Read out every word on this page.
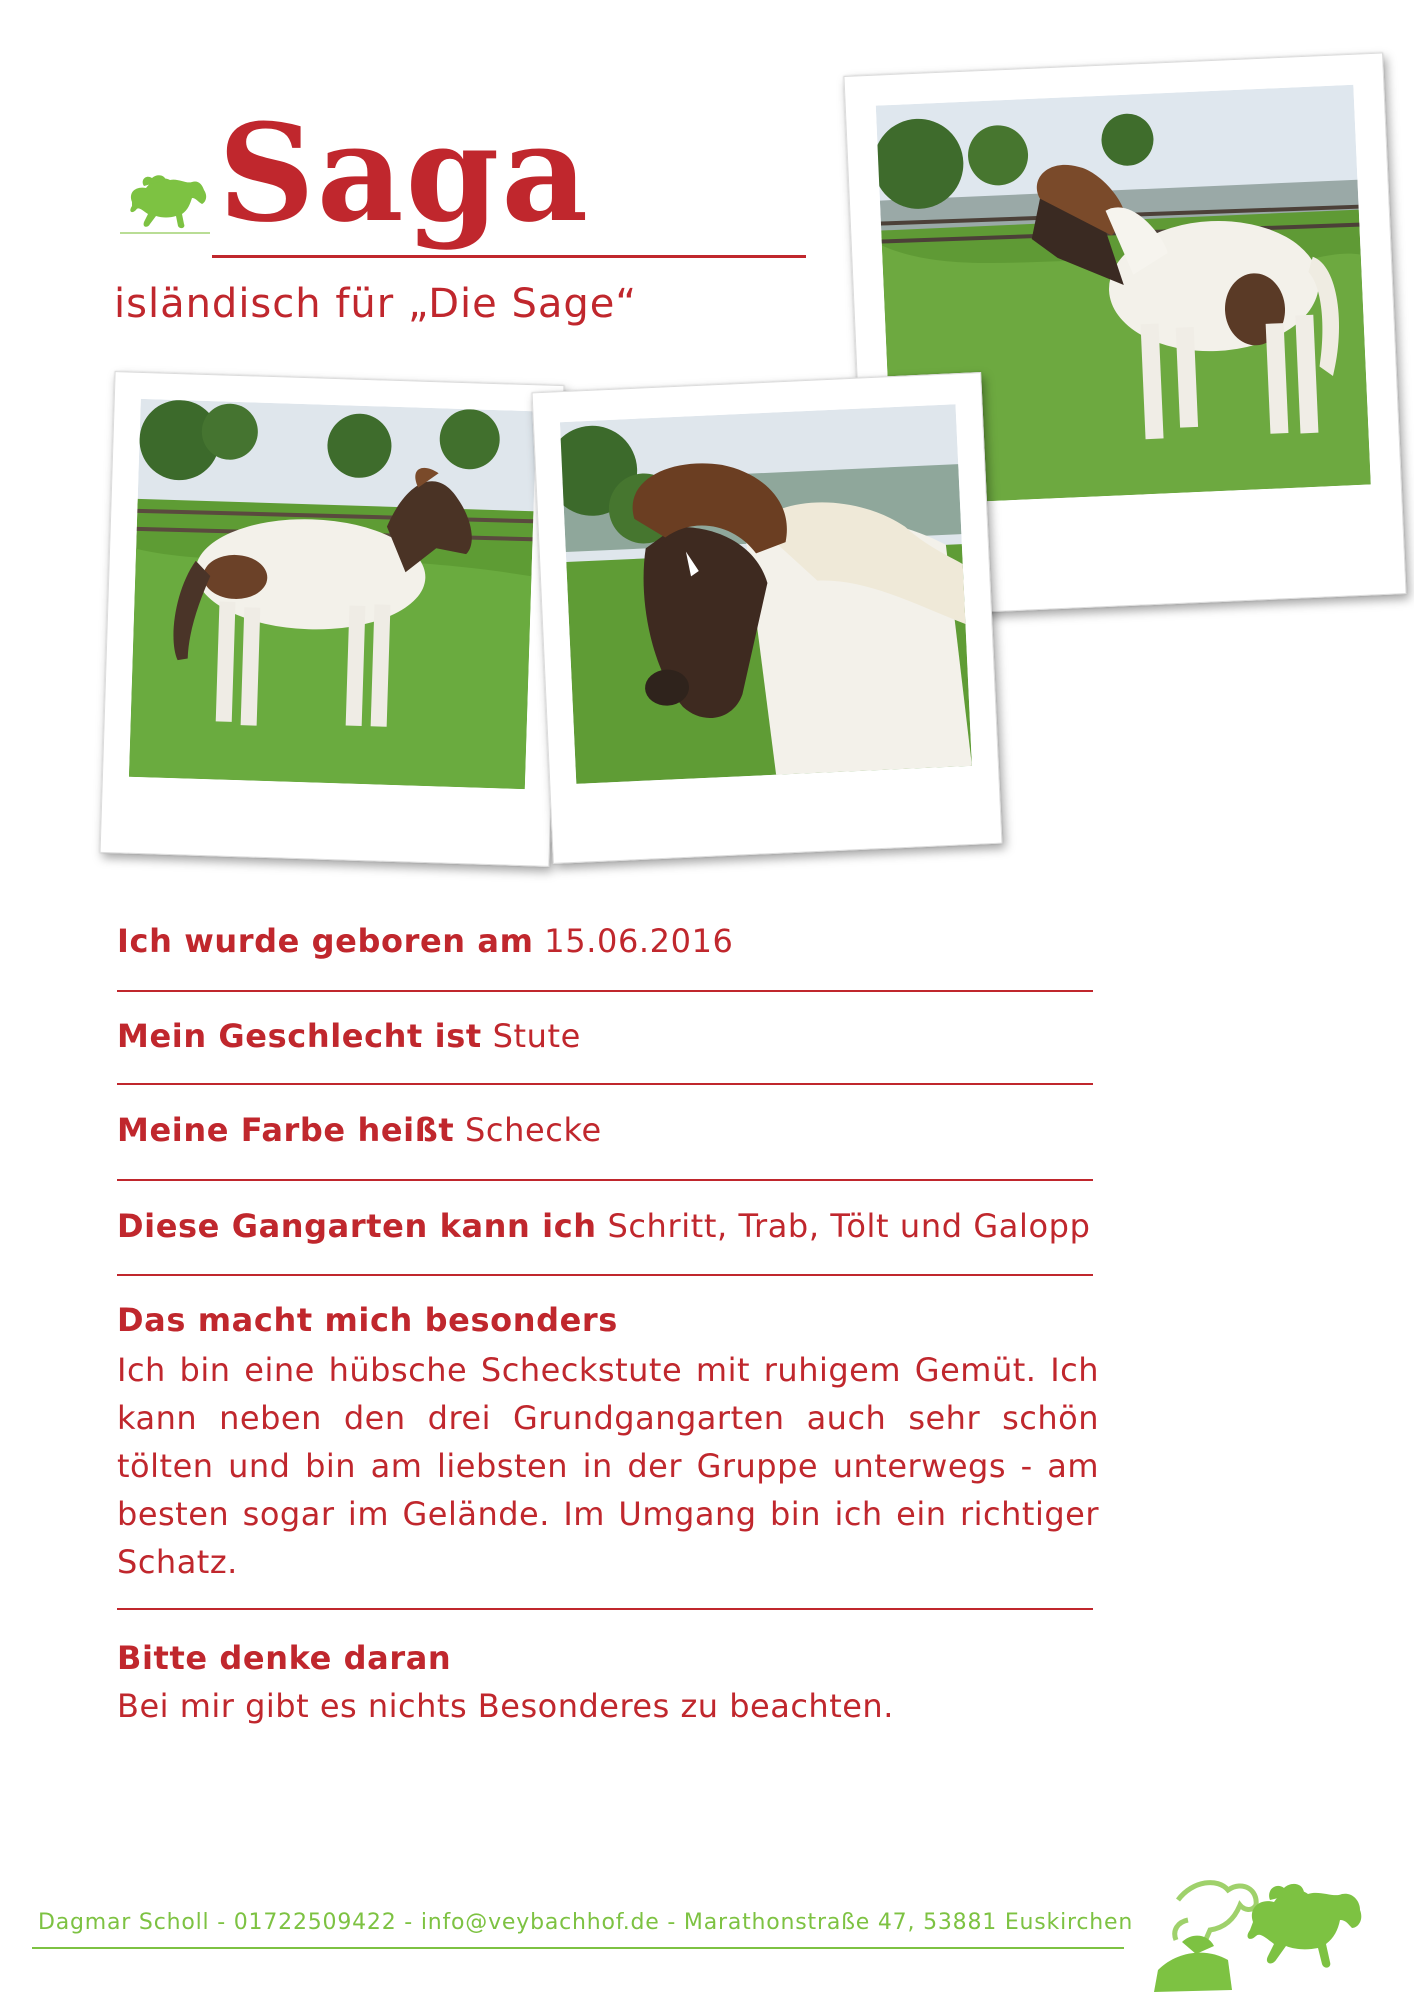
Saga
isländisch für „Die Sage“
Ich wurde geboren am 15.06.2016
Mein Geschlecht ist Stute
Meine Farbe heißt Schecke
Diese Gangarten kann ich Schritt, Trab, Tölt und Galopp
Das macht mich besonders
Ich bin eine hübsche Scheckstute mit ruhigem Gemüt. Ich kann neben den drei Grundgangarten auch sehr schön tölten und bin am liebsten in der Gruppe unterwegs - am besten sogar im Gelände. Im Umgang bin ich ein richtiger Schatz.
Bitte denke daran
Bei mir gibt es nichts Besonderes zu beachten.
Dagmar Scholl - 01722509422 - info@veybachhof.de - Marathonstraße 47, 53881 Euskirchen
